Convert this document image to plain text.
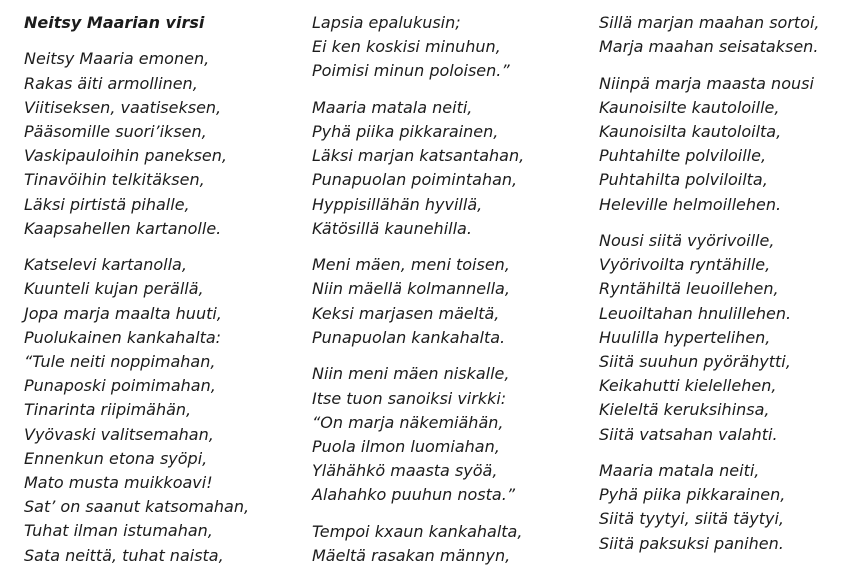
Neitsy Maarian virsi
Neitsy Maaria emonen,
Rakas äiti armollinen,
Viitiseksen, vaatiseksen,
Pääsomille suori’iksen,
Vaskipauloihin paneksen,
Tinavöihin telkitäksen,
Läksi pirtistä pihalle,
Kaapsahellen kartanolle.
Katselevi kartanolla,
Kuunteli kujan perällä,
Jopa marja maalta huuti,
Puolukainen kankahalta:
“Tule neiti noppimahan,
Punaposki poimimahan,
Tinarinta riipimähän,
Vyövaski valitsemahan,
Ennenkun etona syöpi,
Mato musta muikkoavi!
Sat’ on saanut katsomahan,
Tuhat ilman istumahan,
Sata neittä, tuhat naista,
Lapsia epalukusin;
Ei ken koskisi minuhun,
Poimisi minun poloisen.”
Maaria matala neiti,
Pyhä piika pikkarainen,
Läksi marjan katsantahan,
Punapuolan poimintahan,
Hyppisillähän hyvillä,
Kätösillä kaunehilla.
Meni mäen, meni toisen,
Niin mäellä kolmannella,
Keksi marjasen mäeltä,
Punapuolan kankahalta.
Niin meni mäen niskalle,
Itse tuon sanoiksi virkki:
“On marja näkemiähän,
Puola ilmon luomiahan,
Ylähähkö maasta syöä,
Alahahko puuhun nosta.”
Tempoi kxaun kankahalta,
Mäeltä rasakan männyn,
Sillä marjan maahan sortoi,
Marja maahan seisataksen.
Niinpä marja maasta nousi
Kaunoisilte kautoloille,
Kaunoisilta kautoloilta,
Puhtahilte polviloille,
Puhtahilta polviloilta,
Heleville helmoillehen.
Nousi siitä vyörivoille,
Vyörivoilta ryntähille,
Ryntähiltä leuoillehen,
Leuoiltahan hnulillehen.
Huulilla hypertelihen,
Siitä suuhun pyörähytti,
Keikahutti kielellehen,
Kieleltä keruksihinsa,
Siitä vatsahan valahti.
Maaria matala neiti,
Pyhä piika pikkarainen,
Siitä tyytyi, siitä täytyi,
Siitä paksuksi panihen.
